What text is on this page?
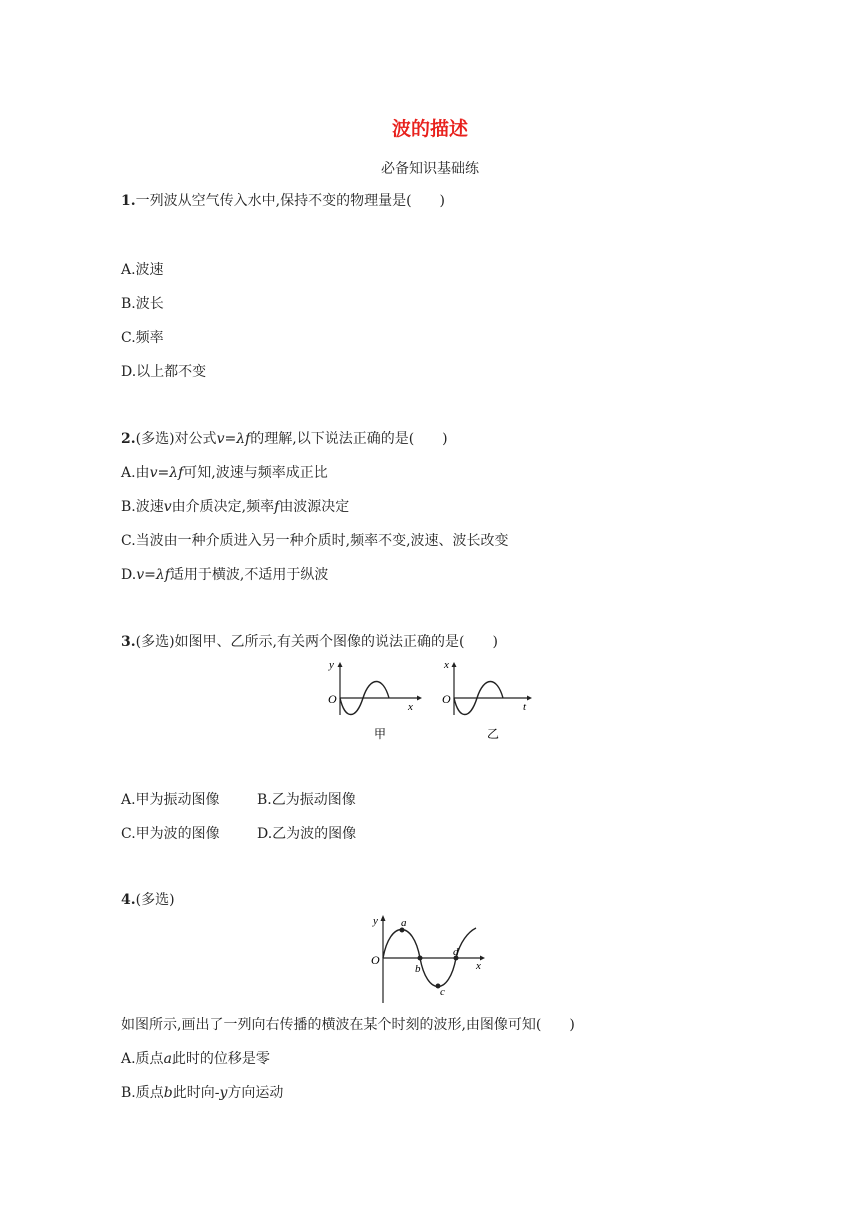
波的描述
必备知识基础练
1.一列波从空气传入水中,保持不变的物理量是(　　)
A.波速
B.波长
C.频率
D.以上都不变
2.(多选)对公式v=λf的理解,以下说法正确的是(　　)
A.由v=λf可知,波速与频率成正比
B.波速v由介质决定,频率f由波源决定
C.当波由一种介质进入另一种介质时,频率不变,波速、波长改变
D.v=λf适用于横波,不适用于纵波
3.(多选)如图甲、乙所示,有关两个图像的说法正确的是(　　)
y
O
x
甲
x
O
t
乙
A.甲为振动图像	B.乙为振动图像
C.甲为波的图像	D.乙为波的图像
4.(多选)
y
O	x
a
b
c
d
如图所示,画出了一列向右传播的横波在某个时刻的波形,由图像可知(　　)
A.质点a此时的位移是零
B.质点b此时向-y方向运动
